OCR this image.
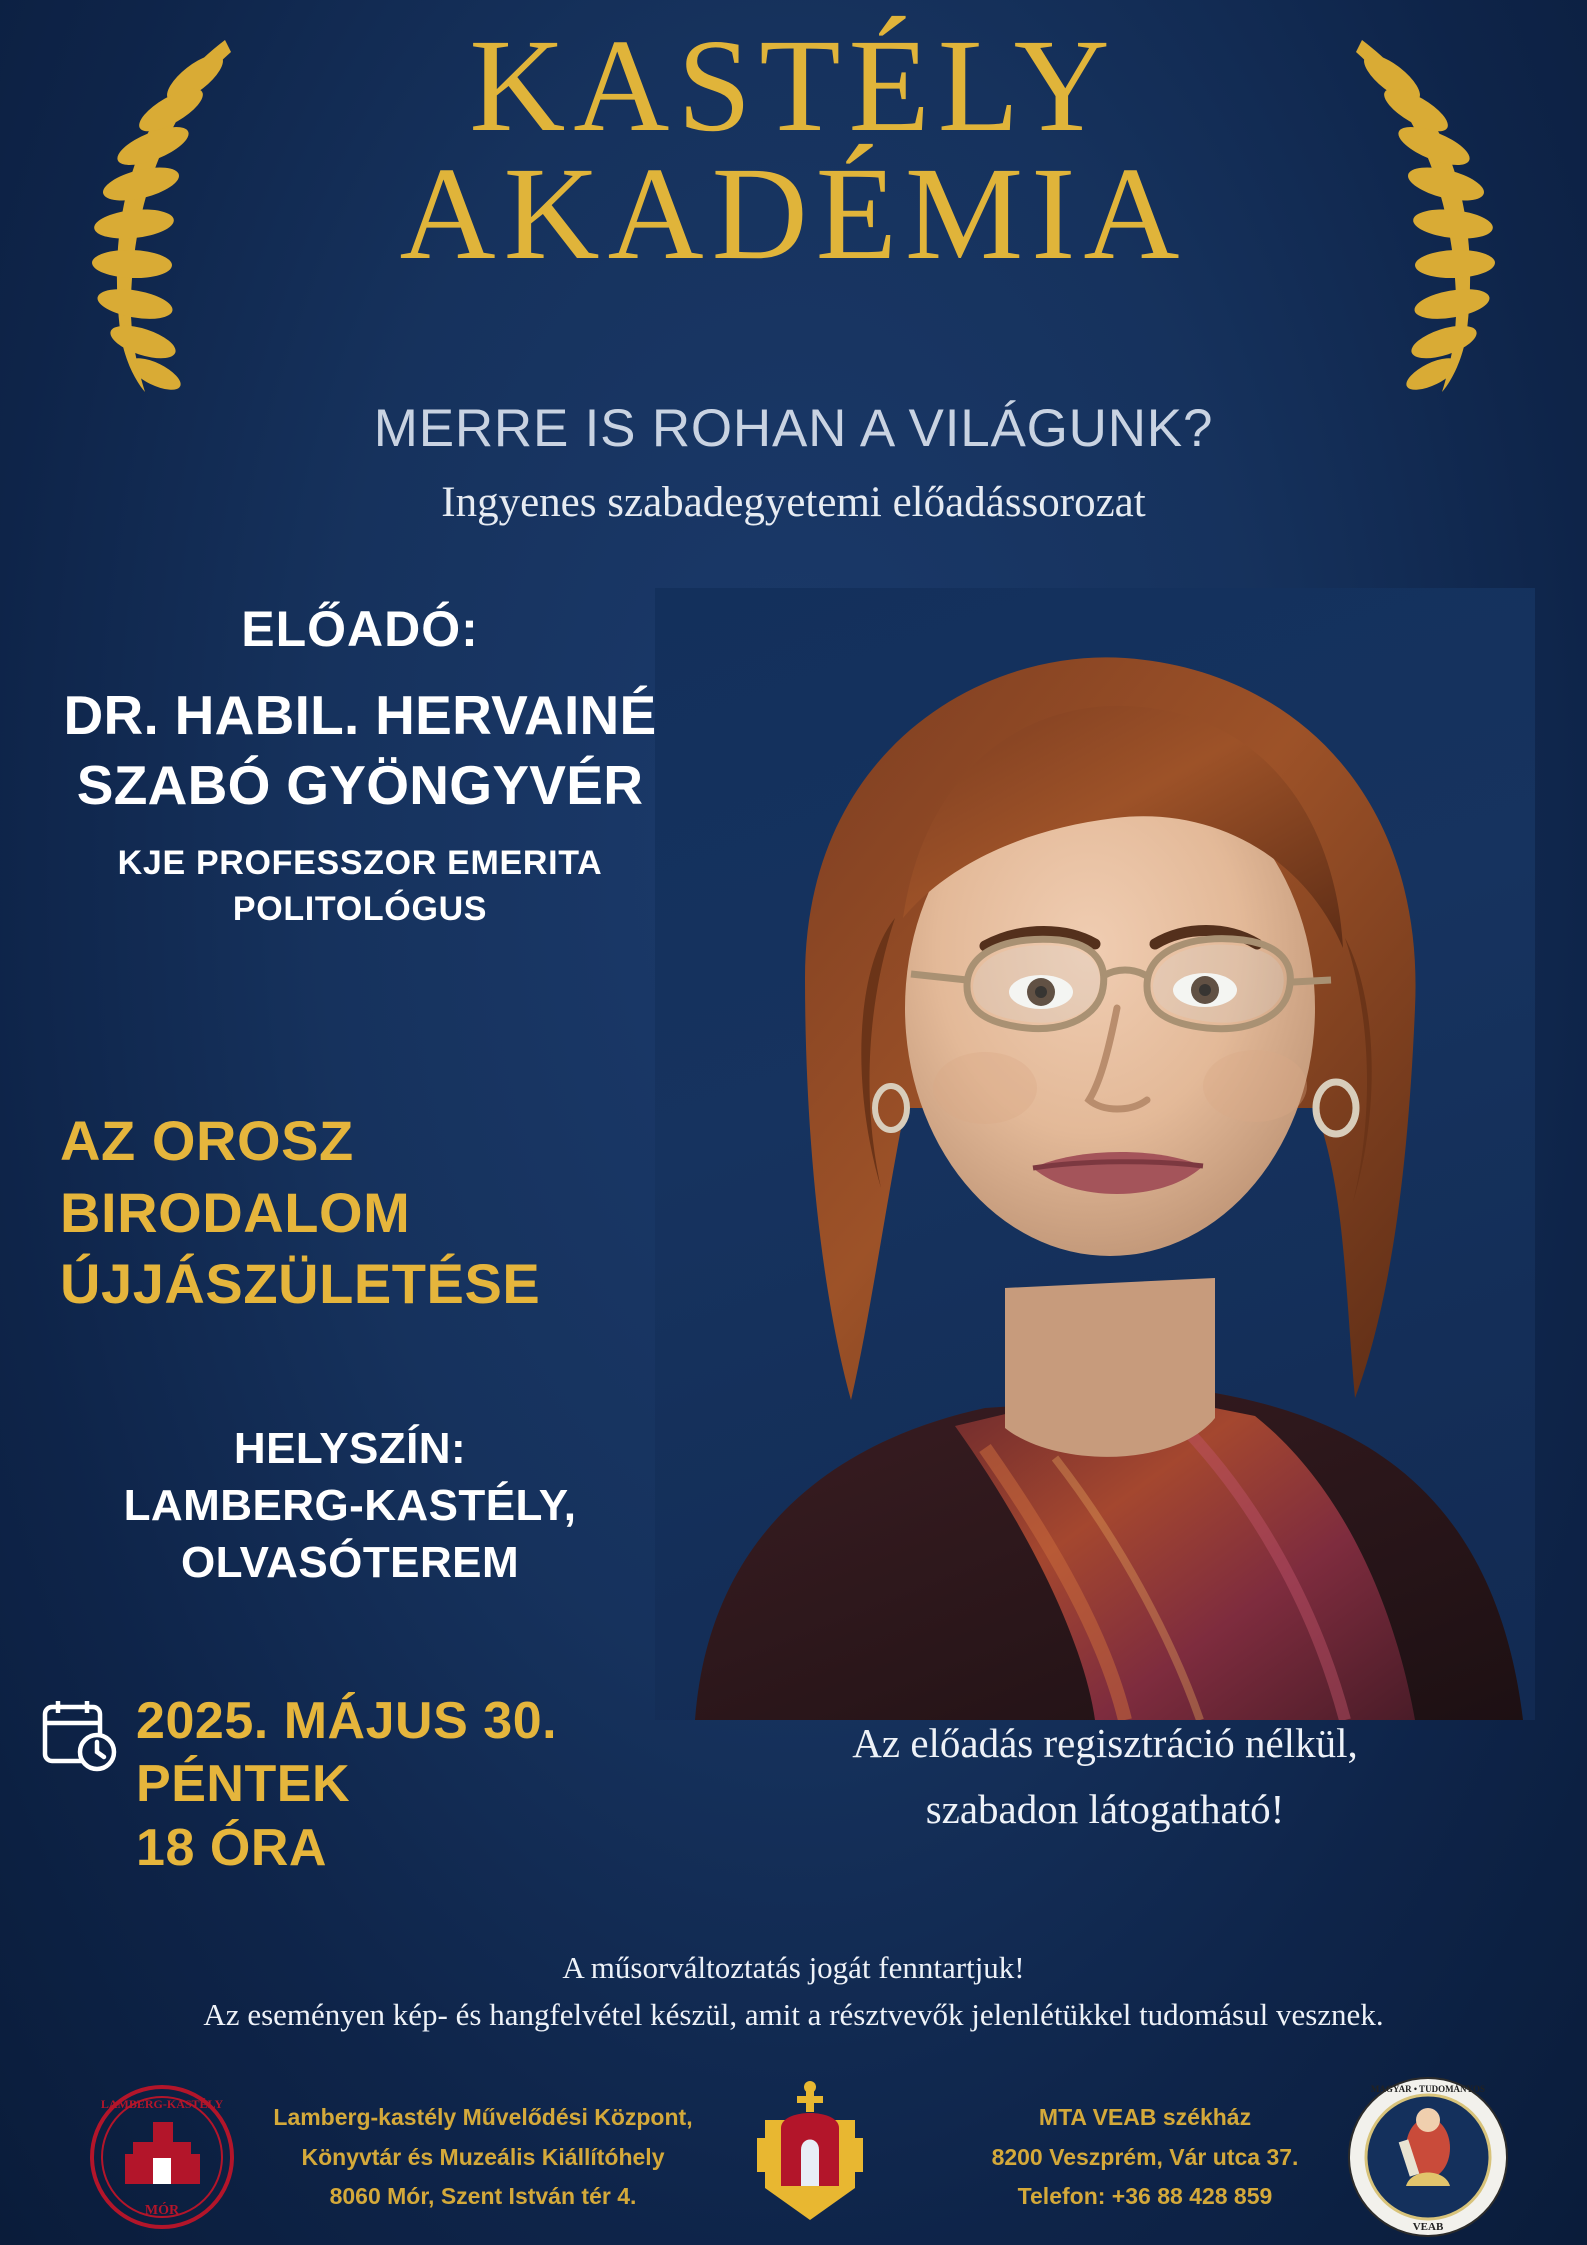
KASTÉLY
AKADÉMIA
MERRE IS ROHAN A VILÁGUNK?
Ingyenes szabadegyetemi előadássorozat
ELŐADÓ:
DR. HABIL. HERVAINÉ SZABÓ GYÖNGYVÉR
KJE PROFESSZOR EMERITA
POLITOLÓGUS
AZ OROSZ BIRODALOM ÚJJÁSZÜLETÉSE
HELYSZÍN:
LAMBERG-KASTÉLY,
OLVASÓTEREM
2025. MÁJUS 30.
PÉNTEK
18 ÓRA
Az előadás regisztráció nélkül,
szabadon látogatható!
A műsorváltoztatás jogát fenntartjuk!
Az eseményen kép- és hangfelvétel készül, amit a résztvevők jelenlétükkel tudomásul vesznek.
LAMBERG-KASTÉLY
MÓR
Lamberg-kastély Művelődési Központ,
Könyvtár és Muzeális Kiállítóhely
8060 Mór, Szent István tér 4.
MTA VEAB székház
8200 Veszprém, Vár utca 37.
Telefon: +36 88 428 859
MAGYAR • TUDOMÁNYOS
VEAB
